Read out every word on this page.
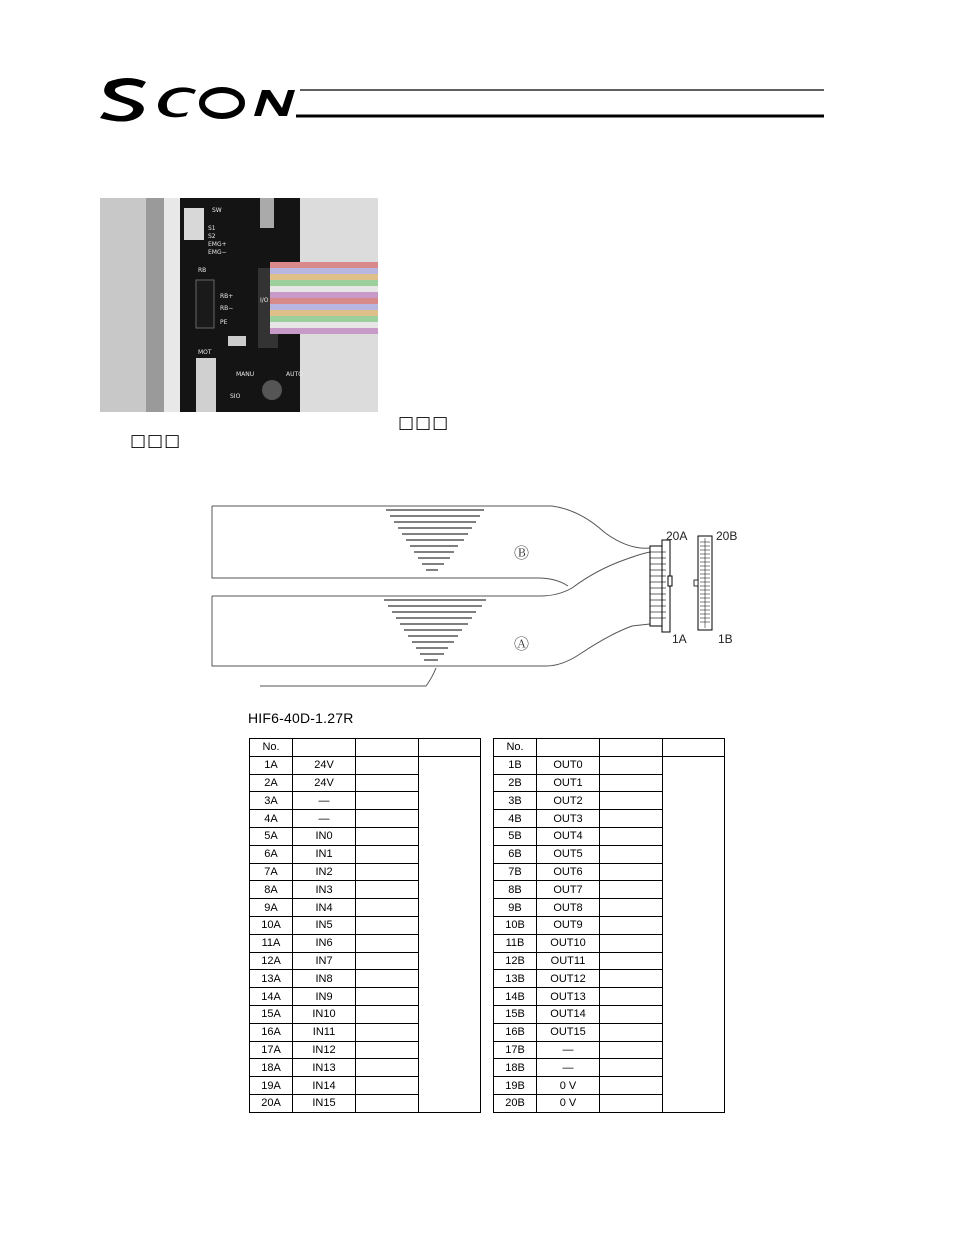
SW
S1
S2
EMG+
EMG−
RB
RB+
RB−
PE
I/O
MOT
MANU	AUTO
SIO
□□□
□□□
20A 20B
1A	1B
Ⓑ
Ⓐ
HIF6-40D-1.27R
No.			
1A	24V		
2A	24V		
3A	—		
4A	—		
5A	IN0		
6A	IN1		
7A	IN2		
8A	IN3		
9A	IN4		
10A	IN5		
11A	IN6		
12A	IN7		
13A	IN8		
14A	IN9		
15A	IN10		
16A	IN11		
17A	IN12		
18A	IN13		
19A	IN14		
20A	IN15		
No.			
1B	OUT0		
2B	OUT1		
3B	OUT2		
4B	OUT3		
5B	OUT4		
6B	OUT5		
7B	OUT6		
8B	OUT7		
9B	OUT8		
10B	OUT9		
11B	OUT10		
12B	OUT11		
13B	OUT12		
14B	OUT13		
15B	OUT14		
16B	OUT15		
17B	—		
18B	—		
19B	0 V		
20B	0 V		
